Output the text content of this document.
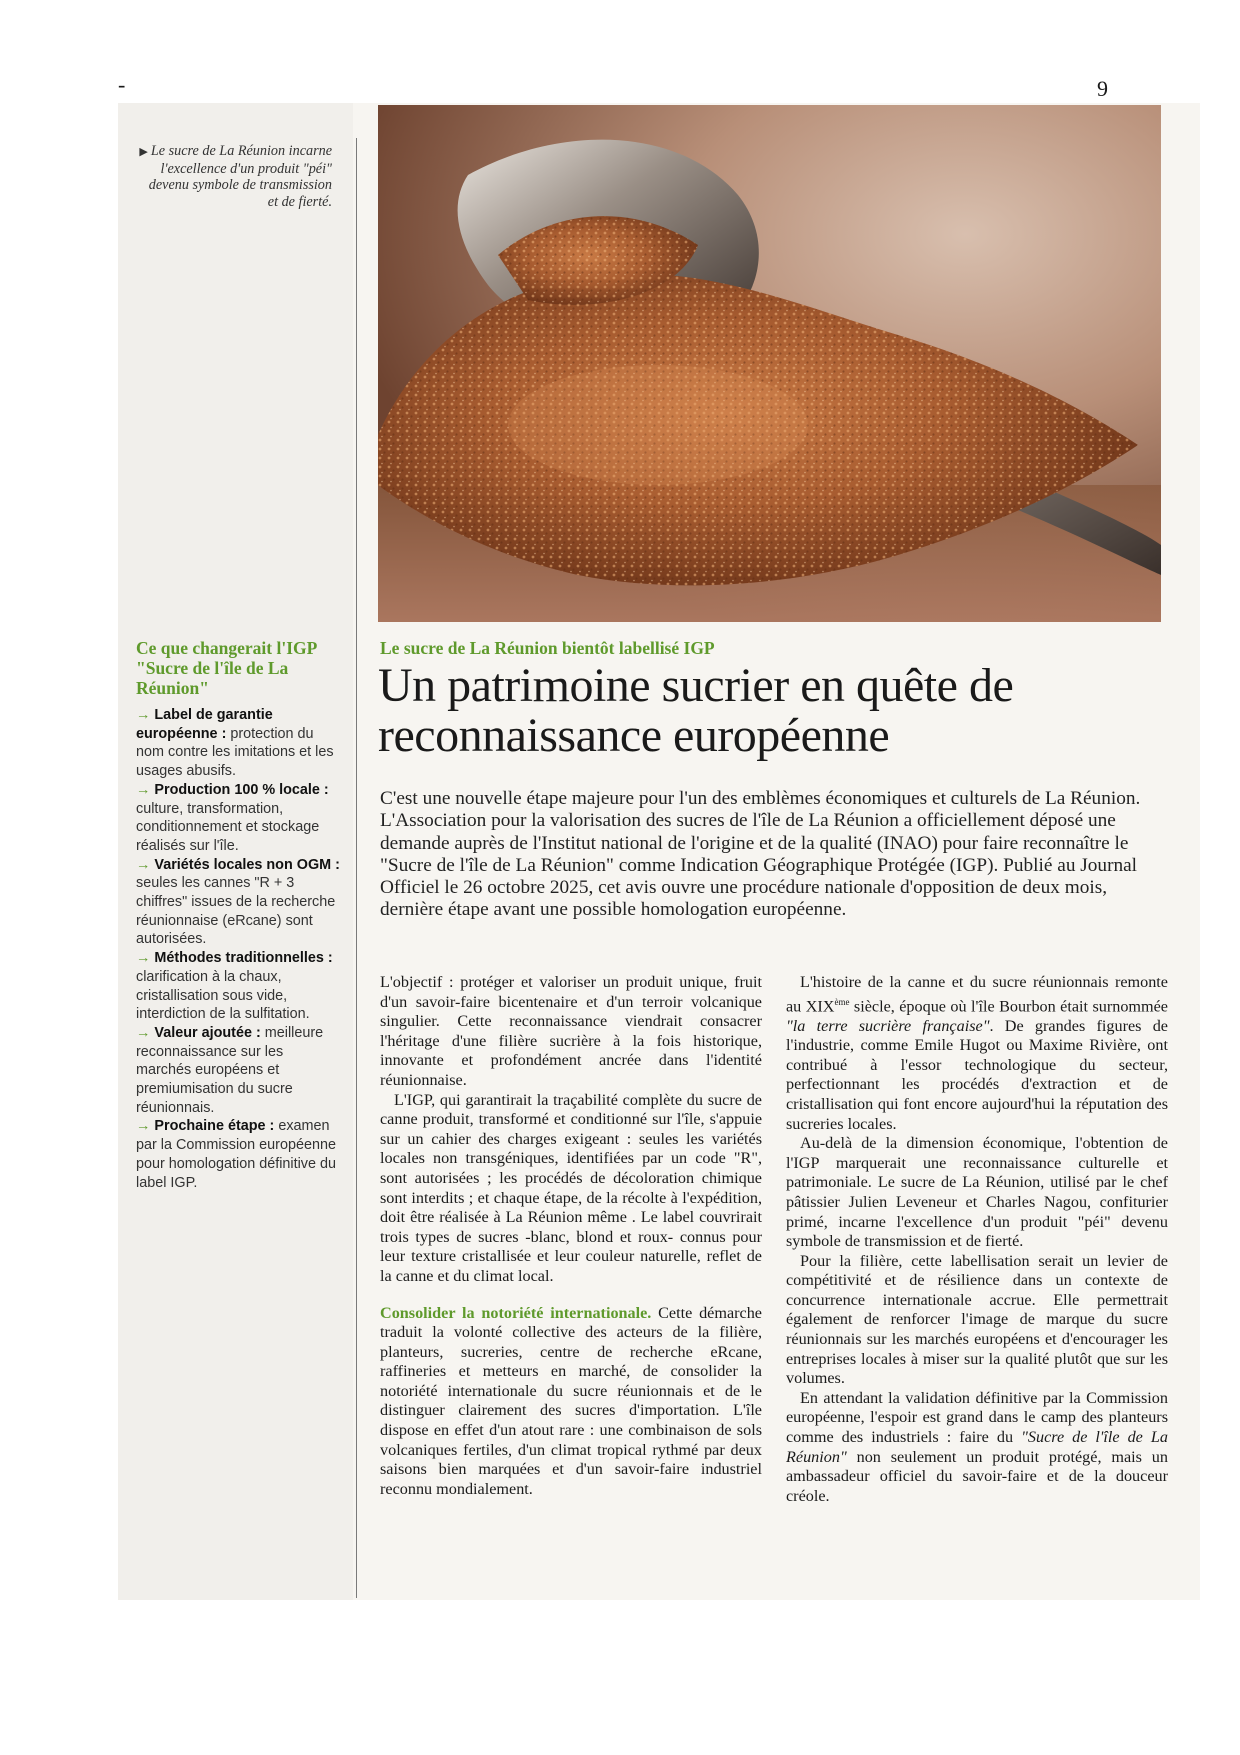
-	9
▶ Le sucre de La Réunion incarne l'excellence d'un produit "péi" devenu symbole de transmission et de fierté.
Ce que changerait l'IGP "Sucre de l'île de La Réunion"

→ Label de garantie européenne : protection du nom contre les imitations et les usages abusifs.

→ Production 100 % locale : culture, transformation, conditionnement et stockage réalisés sur l'île.

→ Variétés locales non OGM : seules les cannes "R + 3 chiffres" issues de la recherche réunionnaise (eRcane) sont autorisées.

→ Méthodes traditionnelles : clarification à la chaux, cristallisation sous vide, interdiction de la sulfitation.

→ Valeur ajoutée : meilleure reconnaissance sur les marchés européens et premiumisation du sucre réunionnais.

→ Prochaine étape : examen par la Commission européenne pour homologation définitive du label IGP.

Le sucre de La Réunion bientôt labellisé IGP
Un patrimoine sucrier en quête de reconnaissance européenne
C'est une nouvelle étape majeure pour l'un des emblèmes économiques et culturels de La Réunion. L'Association pour la valorisation des sucres de l'île de La Réunion a officiellement déposé une demande auprès de l'Institut national de l'origine et de la qualité (INAO) pour faire reconnaître le "Sucre de l'île de La Réunion" comme Indication Géographique Protégée (IGP). Publié au Journal Officiel le 26 octobre 2025, cet avis ouvre une procédure nationale d'opposition de deux mois, dernière étape avant une possible homologation européenne.

L'objectif : protéger et valoriser un produit unique, fruit d'un savoir-faire bicentenaire et d'un terroir volcanique singulier. Cette reconnaissance viendrait consacrer l'héritage d'une filière sucrière à la fois historique, innovante et profondément ancrée dans l'identité réunionnaise.

L'IGP, qui garantirait la traçabilité complète du sucre de canne produit, transformé et conditionné sur l'île, s'appuie sur un cahier des charges exigeant : seules les variétés locales non transgéniques, identifiées par un code "R", sont autorisées ; les procédés de décoloration chimique sont interdits ; et chaque étape, de la récolte à l'expédition, doit être réalisée à La Réunion même . Le label couvrirait trois types de sucres -blanc, blond et roux- connus pour leur texture cristallisée et leur couleur naturelle, reflet de la canne et du climat local.

Consolider la notoriété internationale. Cette démarche traduit la volonté collective des acteurs de la filière, planteurs, sucreries, centre de recherche eRcane, raffineries et metteurs en marché, de consolider la notoriété internationale du sucre réunionnais et de le distinguer clairement des sucres d'importation. L'île dispose en effet d'un atout rare : une combinaison de sols volcaniques fertiles, d'un climat tropical rythmé par deux saisons bien marquées et d'un savoir-faire industriel reconnu mondialement.

L'histoire de la canne et du sucre réunionnais remonte au XIXème siècle, époque où l'île Bourbon était surnommée "la terre sucrière française". De grandes figures de l'industrie, comme Emile Hugot ou Maxime Rivière, ont contribué à l'essor technologique du secteur, perfectionnant les procédés d'extraction et de cristallisation qui font encore aujourd'hui la réputation des sucreries locales.

Au-delà de la dimension économique, l'obtention de l'IGP marquerait une reconnaissance culturelle et patrimoniale. Le sucre de La Réunion, utilisé par le chef pâtissier Julien Leveneur et Charles Nagou, confiturier primé, incarne l'excellence d'un produit "péi" devenu symbole de transmission et de fierté.

Pour la filière, cette labellisation serait un levier de compétitivité et de résilience dans un contexte de concurrence internationale accrue. Elle permettrait également de renforcer l'image de marque du sucre réunionnais sur les marchés européens et d'encourager les entreprises locales à miser sur la qualité plutôt que sur les volumes.

En attendant la validation définitive par la Commission européenne, l'espoir est grand dans le camp des planteurs comme des industriels : faire du "Sucre de l'île de La Réunion" non seulement un produit protégé, mais un ambassadeur officiel du savoir-faire et de la douceur créole.
